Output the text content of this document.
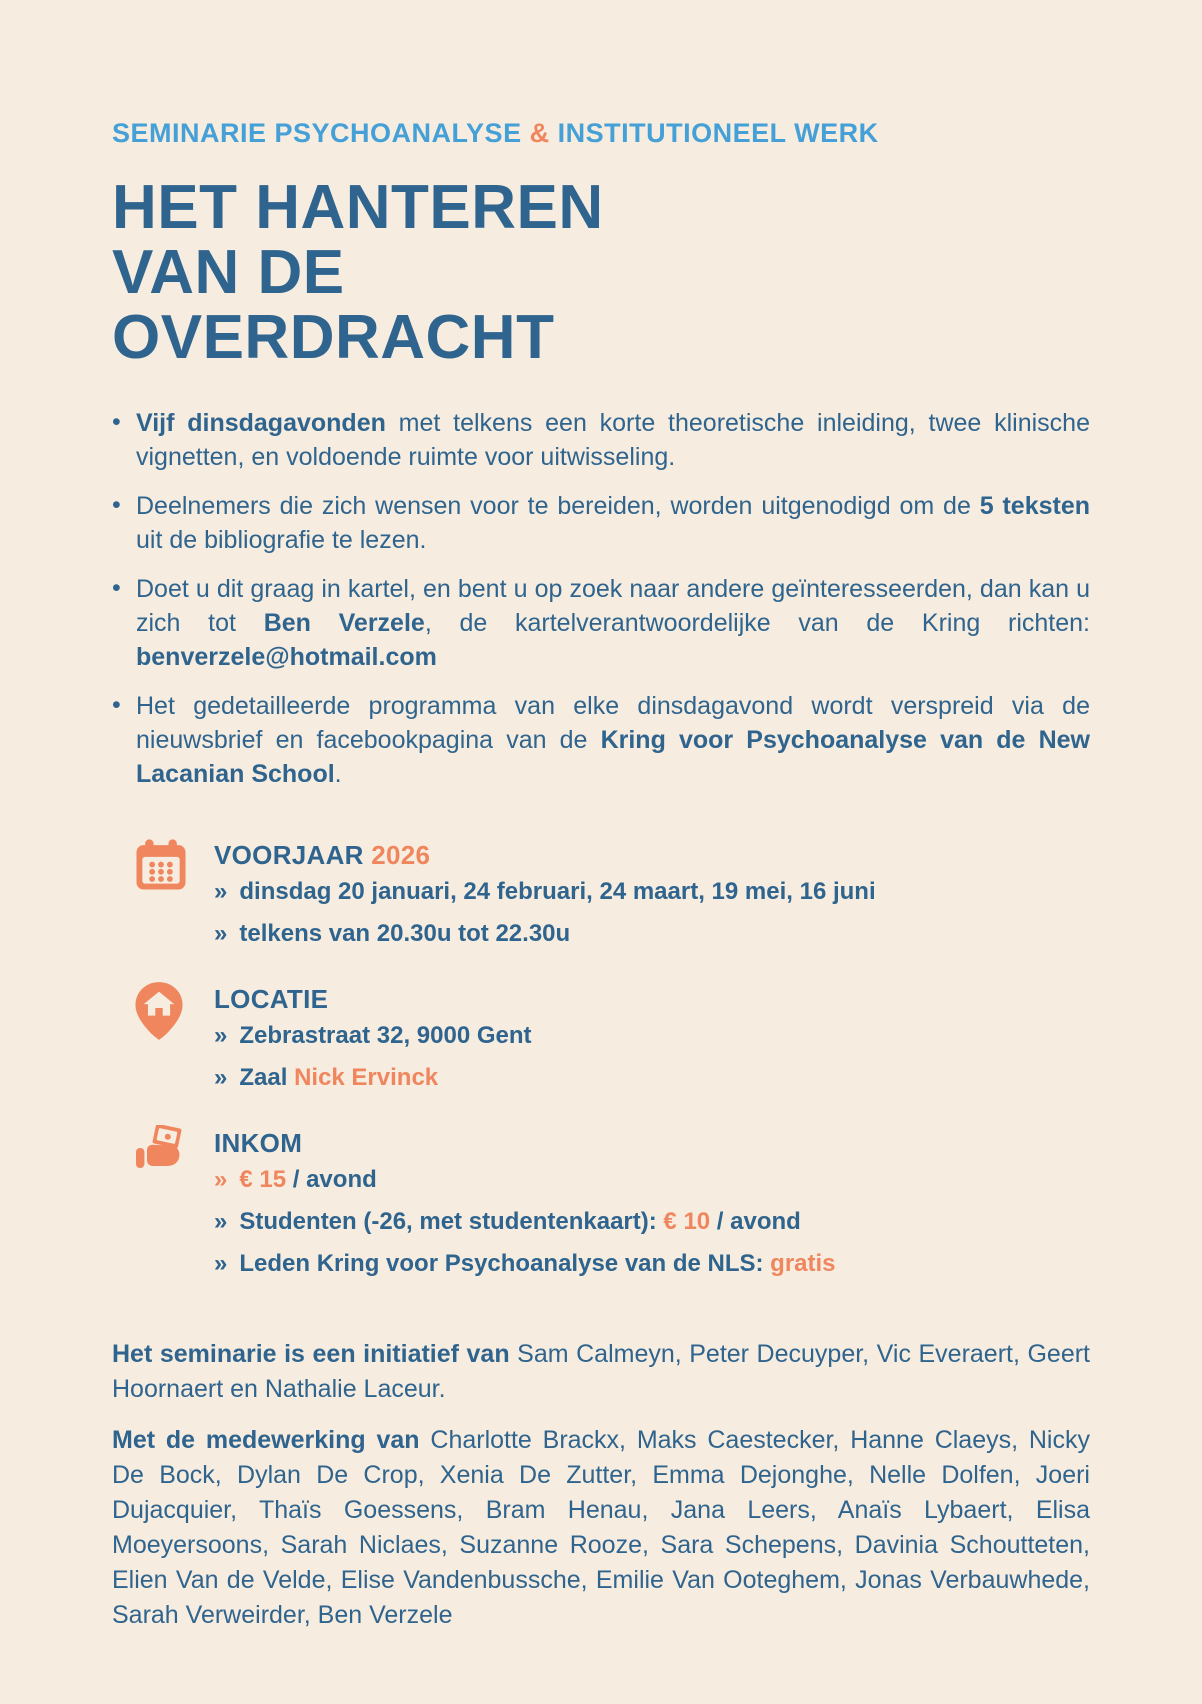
SEMINARIE PSYCHOANALYSE & INSTITUTIONEEL WERK
HET HANTEREN
VAN DE
OVERDRACHT
• Vijf dinsdagavonden met telkens een korte theoretische inleiding, twee klinische vignetten, en voldoende ruimte voor uitwisseling.
• Deelnemers die zich wensen voor te bereiden, worden uitgenodigd om de 5 teksten uit de bibliografie te lezen.
• Doet u dit graag in kartel, en bent u op zoek naar andere geïnteresseerden, dan kan u zich tot Ben Verzele, de kartelverantwoordelijke van de Kring richten: benverzele@hotmail.com
• Het gedetailleerde programma van elke dinsdagavond wordt verspreid via de nieuwsbrief en facebookpagina van de Kring voor Psychoanalyse van de New Lacanian School.
VOORJAAR 2026
» dinsdag 20 januari, 24 februari, 24 maart, 19 mei, 16 juni
» telkens van 20.30u tot 22.30u
LOCATIE
» Zebrastraat 32, 9000 Gent
» Zaal Nick Ervinck
INKOM
» € 15 / avond
» Studenten (-26, met studentenkaart): € 10 / avond
» Leden Kring voor Psychoanalyse van de NLS: gratis

Het seminarie is een initiatief van Sam Calmeyn, Peter Decuyper, Vic Everaert, Geert Hoornaert en Nathalie Laceur.

Met de medewerking van Charlotte Brackx, Maks Caestecker, Hanne Claeys, Nicky De Bock, Dylan De Crop, Xenia De Zutter, Emma Dejonghe, Nelle Dolfen, Joeri Dujacquier, Thaïs Goessens, Bram Henau, Jana Leers, Anaïs Lybaert, Elisa Moeyersoons, Sarah Niclaes, Suzanne Rooze, Sara Schepens, Davinia Schoutteten, Elien Van de Velde, Elise Vandenbussche, Emilie Van Ooteghem, Jonas Verbauwhede, Sarah Verweirder, Ben Verzele
